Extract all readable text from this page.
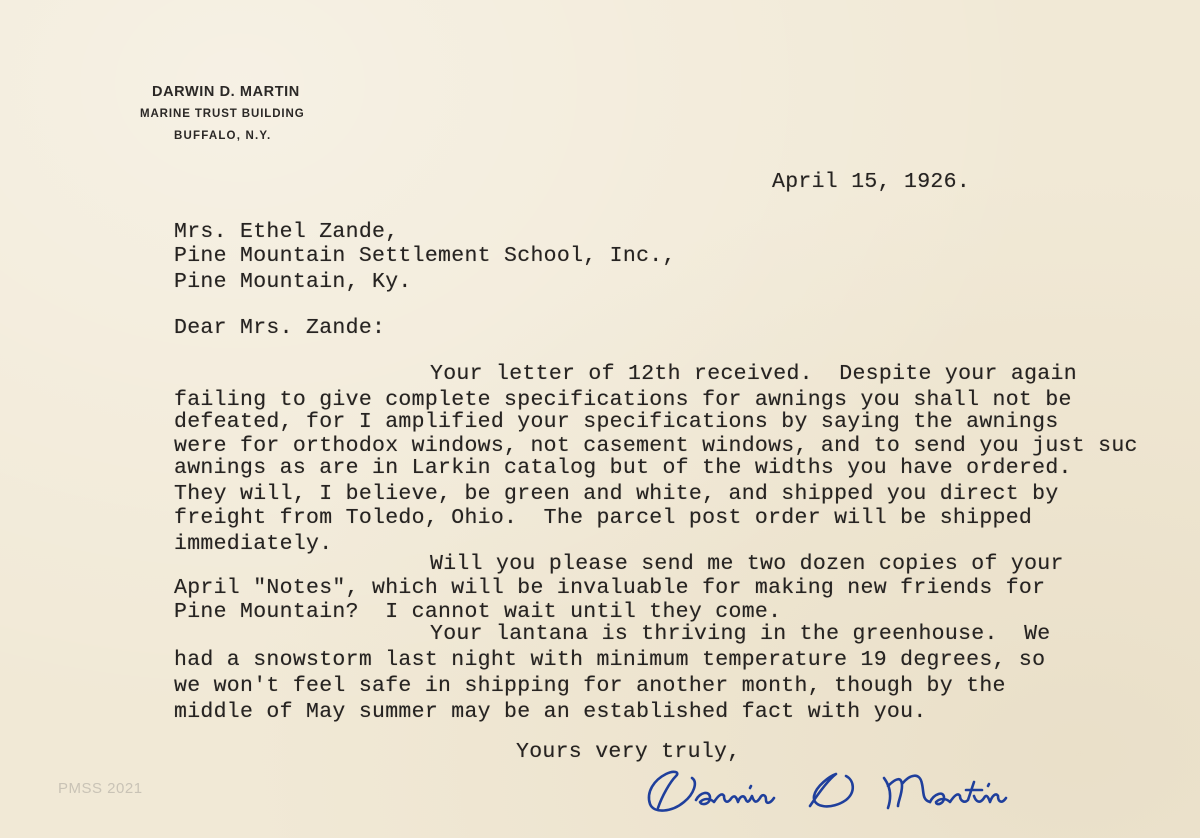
DARWIN D. MARTIN
MARINE TRUST BUILDING
BUFFALO, N.Y.
April 15, 1926.
Mrs. Ethel Zande,
Pine Mountain Settlement School, Inc.,
Pine Mountain, Ky.
Dear Mrs. Zande:
Your letter of 12th received.  Despite your again
failing to give complete specifications for awnings you shall not be
defeated, for I amplified your specifications by saying the awnings
were for orthodox windows, not casement windows, and to send you just suc
awnings as are in Larkin catalog but of the widths you have ordered.
They will, I believe, be green and white, and shipped you direct by
freight from Toledo, Ohio.  The parcel post order will be shipped
immediately.
Will you please send me two dozen copies of your
April "Notes", which will be invaluable for making new friends for
Pine Mountain?  I cannot wait until they come.
Your lantana is thriving in the greenhouse.  We
had a snowstorm last night with minimum temperature 19 degrees, so
we won't feel safe in shipping for another month, though by the
middle of May summer may be an established fact with you.
Yours very truly,
PMSS 2021
